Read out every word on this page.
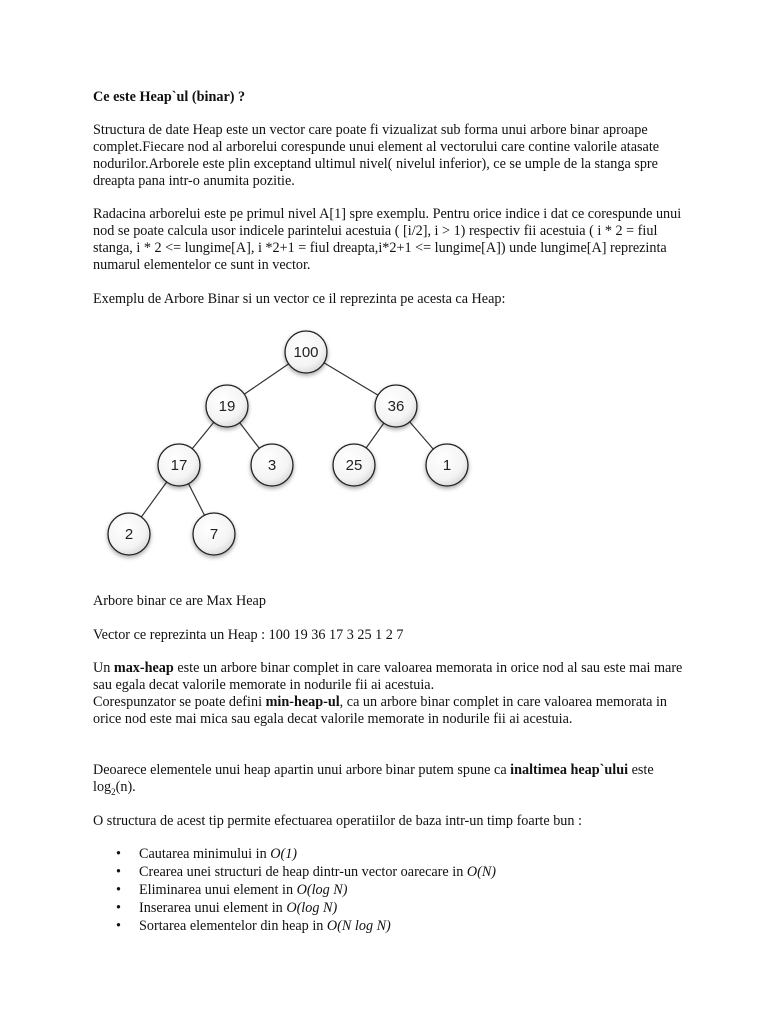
Ce este Heap`ul (binar) ?

Structura de date Heap este un vector care poate fi vizualizat sub forma unui arbore binar aproape complet.Fiecare nod al arborelui corespunde unui element al vectorului care contine valorile atasate nodurilor.Arborele este plin exceptand ultimul nivel( nivelul inferior), ce se umple de la stanga spre dreapta pana intr-o anumita pozitie.

Radacina arborelui este pe primul nivel A[1] spre exemplu. Pentru orice indice i dat ce corespunde unui nod se poate calcula usor indicele parintelui acestuia ( [i/2], i > 1) respectiv fii acestuia ( i * 2 = fiul stanga, i * 2 <= lungime[A], i *2+1 = fiul dreapta,i*2+1 <= lungime[A]) unde lungime[A] reprezinta numarul elementelor ce sunt in vector.

Exemplu de Arbore Binar si un vector ce il reprezinta pe acesta ca Heap:

100
19	36
17	3	25	1
2	7

Arbore binar ce are Max Heap

Vector ce reprezinta un Heap : 100 19 36 17 3 25 1 2 7

Un max-heap este un arbore binar complet in care valoarea memorata in orice nod al sau este mai mare sau egala decat valorile memorate in nodurile fii ai acestuia.
Corespunzator se poate defini min-heap-ul, ca un arbore binar complet in care valoarea memorata in orice nod este mai mica sau egala decat valorile memorate in nodurile fii ai acestuia.

Deoarece elementele unui heap apartin unui arbore binar putem spune ca inaltimea heap`ului este $\log_2(n)$.

O structura de acest tip permite efectuarea operatiilor de baza intr-un timp foarte bun :

• Cautarea minimului in O(1)
• Crearea unei structuri de heap dintr-un vector oarecare in O(N)
• Eliminarea unui element in O(log N)
• Inserarea unui element in O(log N)
• Sortarea elementelor din heap in O(N log N)
